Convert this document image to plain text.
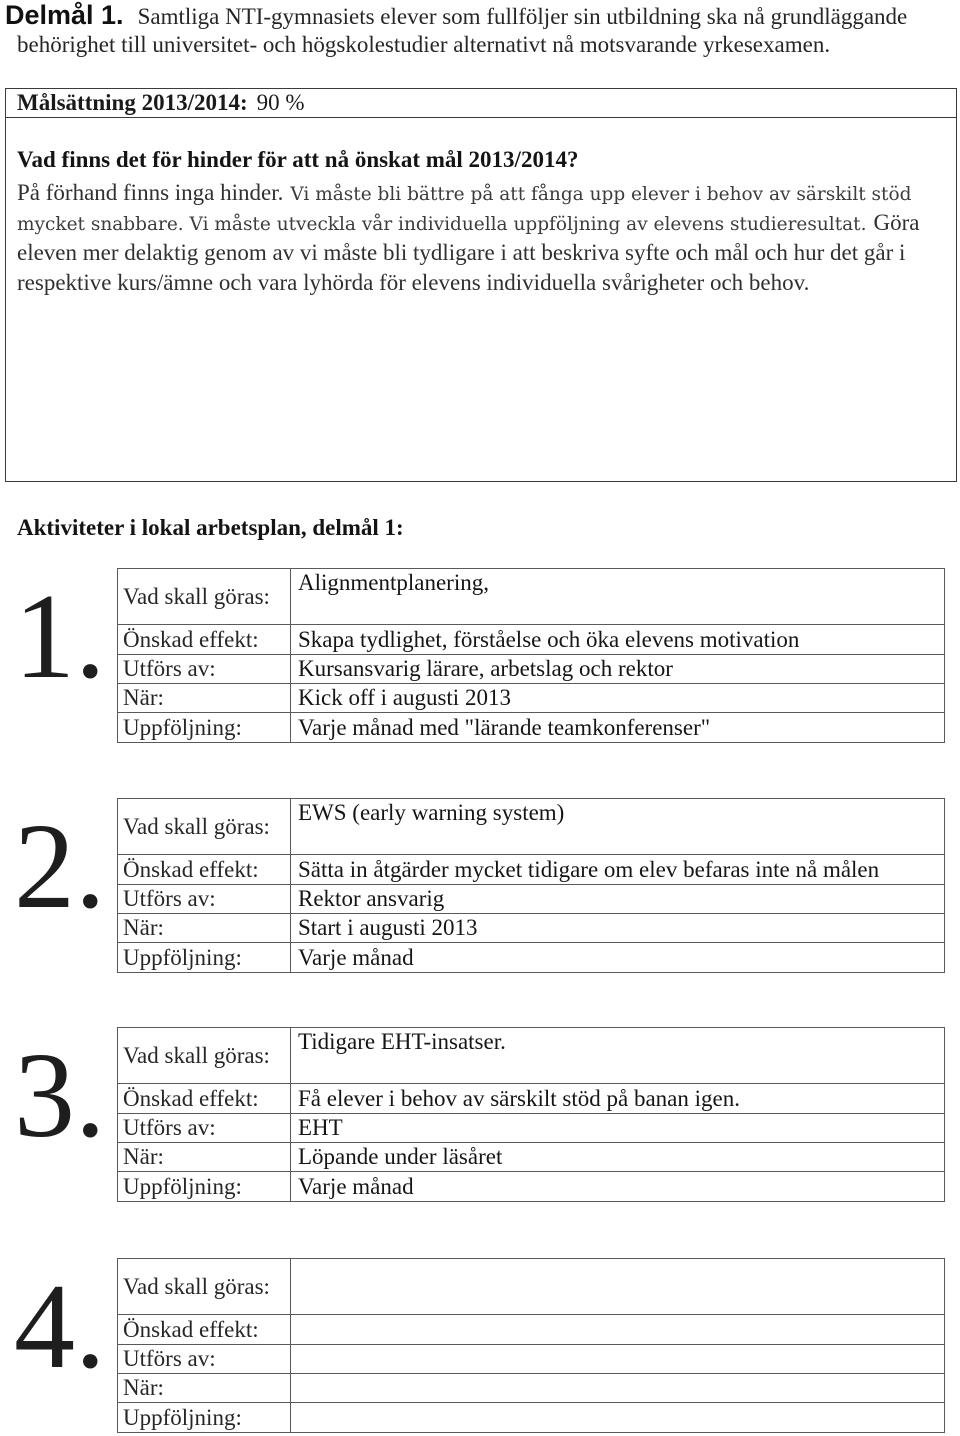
Delmål 1. Samtliga NTI-gymnasiets elever som fullföljer sin utbildning ska nå grundläggande
behörighet till universitet- och högskolestudier alternativt nå motsvarande yrkesexamen.
Målsättning 2013/2014: 90 %
Vad finns det för hinder för att nå önskat mål 2013/2014?
På förhand finns inga hinder. Vi måste bli bättre på att fånga upp elever i behov av särskilt stöd
mycket snabbare. Vi måste utveckla vår individuella uppföljning av elevens studieresultat. Göra
eleven mer delaktig genom av vi måste bli tydligare i att beskriva syfte och mål och hur det går i
respektive kurs/ämne och vara lyhörda för elevens individuella svårigheter och behov.
Aktiviteter i lokal arbetsplan, delmål 1:
1. Vad skall göras:
Alignmentplanering,
Önskad effekt:	Skapa tydlighet, förståelse och öka elevens motivation
Utförs av:	Kursansvarig lärare, arbetslag och rektor
När:	Kick off i augusti 2013
Uppföljning:	Varje månad med "lärande teamkonferenser"
2. Vad skall göras:
EWS (early warning system)
Önskad effekt:	Sätta in åtgärder mycket tidigare om elev befaras inte nå målen
Utförs av:	Rektor ansvarig
När:	Start i augusti 2013
Uppföljning:	Varje månad
3. Vad skall göras:
Tidigare EHT-insatser.
Önskad effekt:	Få elever i behov av särskilt stöd på banan igen.
Utförs av:	EHT
När:	Löpande under läsåret
Uppföljning:	Varje månad
4. Vad skall göras:
Önskad effekt:
Utförs av:
När:
Uppföljning:
